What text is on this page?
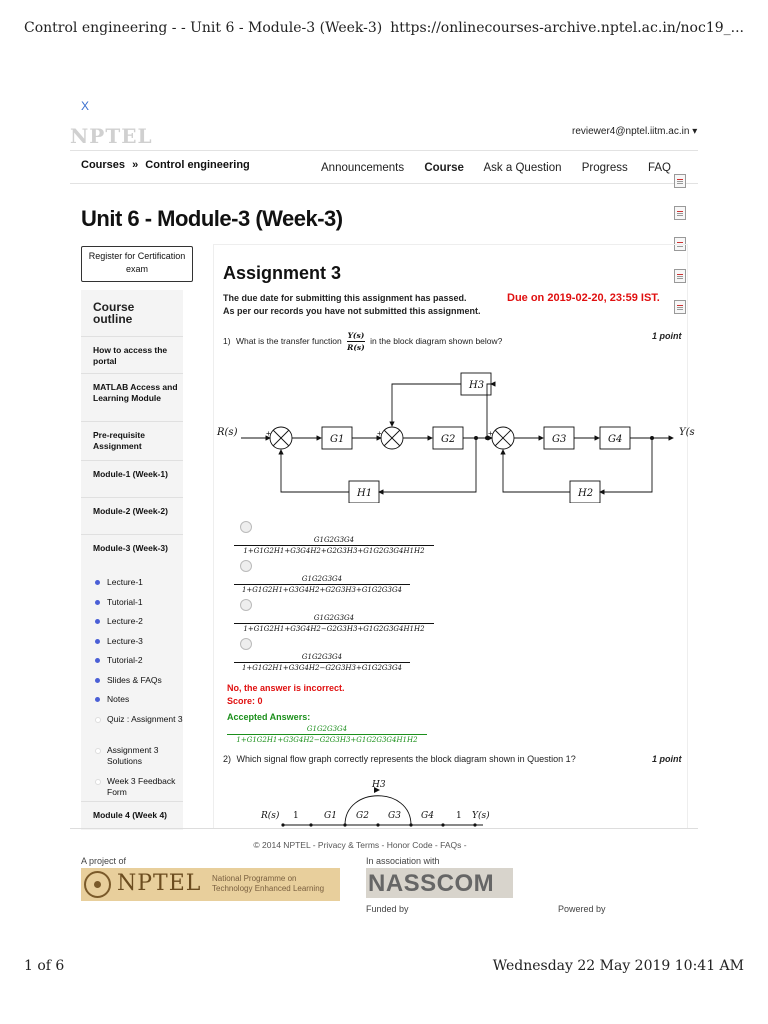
Control engineering - - Unit 6 - Module-3 (Week-3) https://onlinecourses-archive.nptel.ac.in/noc19_...
X
NPTEL	reviewer4@nptel.iitm.ac.in ▾
Courses » Control engineering	Announcements Course Ask a Question Progress FAQ
Unit 6 - Module-3 (Week-3)
Register for Certification exam
Course outline
How to access the portal
MATLAB Access and Learning Module
Pre-requisite Assignment
Module-1 (Week-1)
Module-2 (Week-2)
Module-3 (Week-3)
Lecture-1
Tutorial-1
Lecture-2
Lecture-3
Tutorial-2
Slides & FAQs
Notes
Quiz : Assignment 3
Assignment 3 Solutions
Week 3 Feedback Form
Module 4 (Week 4)
Assignment 3
The due date for submitting this assignment has passed.
As per our records you have not submitted this assignment.
Due on 2019-02-20, 23:59 IST.
1) What is the transfer function $\frac{Y(s)}{R(s)}$ in the block diagram shown below?	1 point
R(s)	Y(s
G1	G2	G3	G4
H1	H2
H3
+	+	+
$\frac{G1G2G3G4}{1+G1G2H1+G3G4H2+G2G3H3+G1G2G3G4H1H2}$
$\frac{G1G2G3G4}{1+G1G2H1+G3G4H2+G2G3H3+G1G2G3G4}$
$\frac{G1G2G3G4}{1+G1G2H1+G3G4H2-G2G3H3+G1G2G3G4H1H2}$
$\frac{G1G2G3G4}{1+G1G2H1+G3G4H2-G2G3H3+G1G2G3G4}$
No, the answer is incorrect.
Score: 0
Accepted Answers:
$\frac{G1G2G3G4}{1+G1G2H1+G3G4H2-G2G3H3+G1G2G3G4H1H2}$
2) Which signal flow graph correctly represents the block diagram shown in Question 1?	1 point
R(s) 1	G1 G2 G3 G4 1 Y(s)
H3
© 2014 NPTEL - Privacy & Terms - Honor Code - FAQs -
A project of	In association with
NPTEL National Programme on Technology Enhanced Learning	NASSCOM
Funded by	Powered by
1 of 6	Wednesday 22 May 2019 10:41 AM
